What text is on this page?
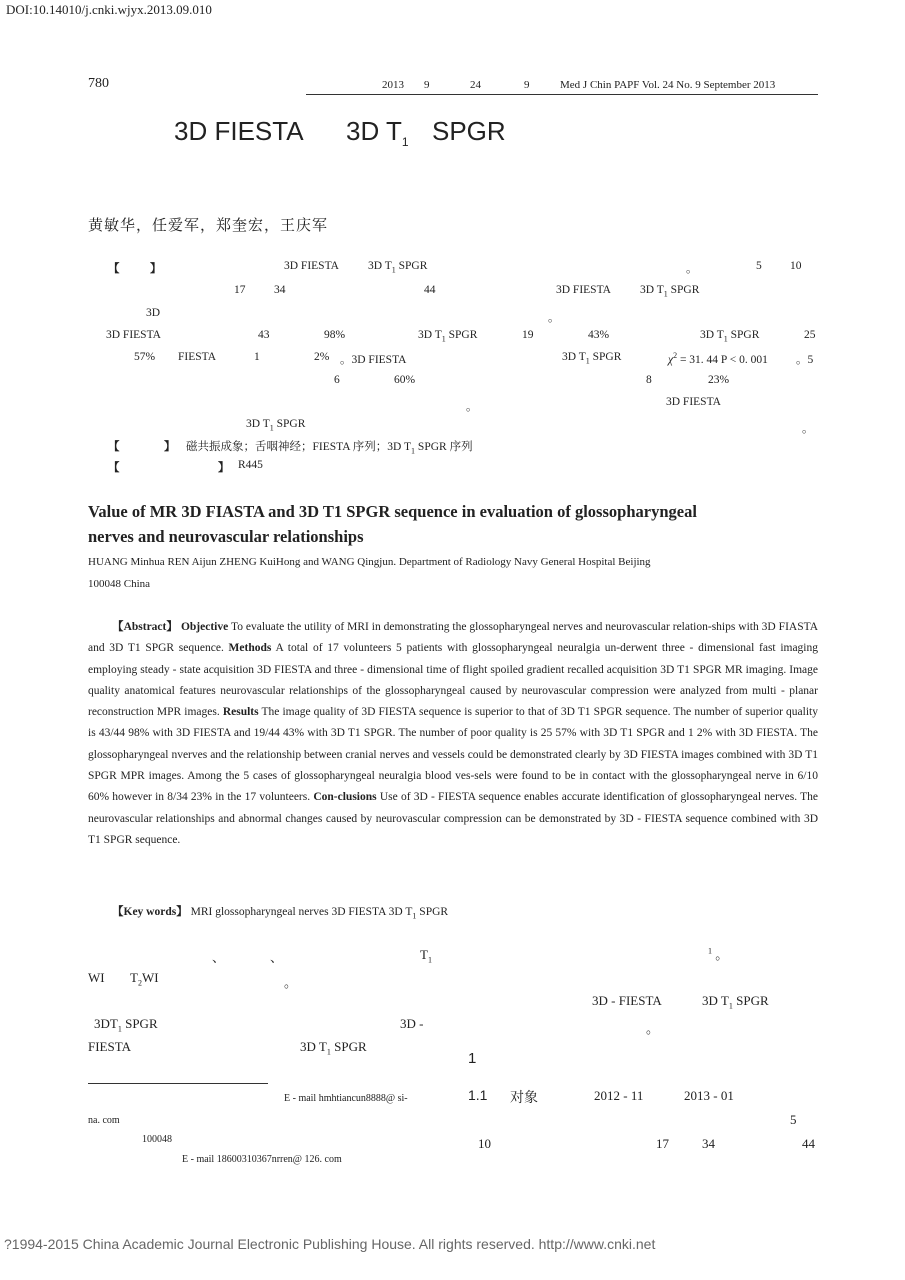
DOI:10.14010/j.cnki.wjyx.2013.09.010
780	2013 9	24	9	Med J Chin PAPF Vol. 24 No. 9 September 2013
3D FIESTA 3D $T_1$ SPGR
黄敏华，任爱军，郑奎宏，王庆军
【	】	3D FIESTA	3D $T_1$ SPGR	。	5 10
17 34	44	3D FIESTA	3D $T_1$ SPGR
3D	。
3D FIESTA	43	98%	3D $T_1$ SPGR	19	43%	3D $T_1$ SPGR	25
57% FIESTA	1	2% 。3D FIESTA	3D $T_1$ SPGR	$\chi^2 = 31$. 44 P < 0. 001 。5
6	60%	8	23%
。	3D FIESTA
3D $T_1$ SPGR	。
【	】 磁共振成象；舌咽神经；FIESTA 序列；3D $T_1$ SPGR 序列
【	】 R445
Value of MR 3D FIASTA and 3D T1 SPGR sequence in evaluation of glossopharyngeal
nerves and neurovascular relationships
HUANG Minhua REN Aijun ZHENG KuiHong and WANG Qingjun. Department of Radiology Navy General Hospital Beijing
100048 China
【Abstract】 Objective To evaluate the utility of MRI in demonstrating the glossopharyngeal nerves and neurovascular relation-ships with 3D FIASTA and 3D T1 SPGR sequence. Methods A total of 17 volunteers 5 patients with glossopharyngeal neuralgia un-derwent three - dimensional fast imaging employing steady - state acquisition 3D FIESTA and three - dimensional time of flight spoiled gradient recalled acquisition 3D T1 SPGR MR imaging. Image quality anatomical features neurovascular relationships of the glossopharyngeal caused by neurovascular compression were analyzed from multi - planar reconstruction MPR images. Results The image quality of 3D FIESTA sequence is superior to that of 3D T1 SPGR sequence. The number of superior quality is 43/44 98% with 3D FIESTA and 19/44 43% with 3D T1 SPGR. The number of poor quality is 25 57% with 3D T1 SPGR and 1 2% with 3D FIESTA. The glossopharyngeal nverves and the relationship between cranial nerves and vessels could be demonstrated clearly by 3D FIESTA images combined with 3D T1 SPGR MPR images. Among the 5 cases of glossopharyngeal neuralgia blood ves-sels were found to be in contact with the glossopharyngeal nerve in 6/10 60% however in 8/34 23% in the 17 volunteers. Con-clusions Use of 3D - FIESTA sequence enables accurate identification of glossopharyngeal nerves. The neurovascular relationships and abnormal changes caused by neurovascular compression can be demonstrated by 3D - FIESTA sequence combined with 3D T1 SPGR sequence.
【Key words】 MRI glossopharyngeal nerves 3D FIESTA 3D $T_1$ SPGR
、	、	$T_1$
$^1$ 。
WI $T_2WI$	。
3D - FIESTA	3D $T_1$ SPGR
$3DT_1$ SPGR	3D -	。
FIESTA	3D $T_1$ SPGR
1
1.1 对象	2012 - 11	2013 - 01
5
10	17	34	44
E - mail hmhtiancun8888@ si-
na. com
100048
E - mail 18600310367nrren@ 126. com
?1994-2015 China Academic Journal Electronic Publishing House. All rights reserved. http://www.cnki.net
